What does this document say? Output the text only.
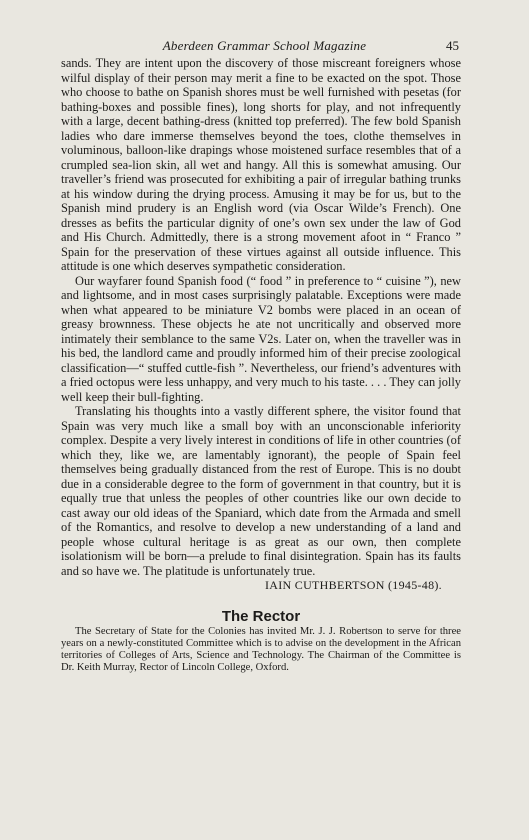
Aberdeen Grammar School Magazine	45

sands. They are intent upon the discovery of those miscreant foreigners whose wilful display of their person may merit a fine to be exacted on the spot. Those who choose to bathe on Spanish shores must be well furnished with pesetas (for bathing-boxes and possible fines), long shorts for play, and not infrequently with a large, decent bathing-dress (knitted top preferred). The few bold Spanish ladies who dare immerse themselves beyond the toes, clothe themselves in voluminous, balloon-like drapings whose moistened surface resembles that of a crumpled sea-lion skin, all wet and hangy. All this is somewhat amusing. Our traveller’s friend was prosecuted for exhibiting a pair of irregular bathing trunks at his window during the drying process. Amusing it may be for us, but to the Spanish mind prudery is an English word (via Oscar Wilde’s French). One dresses as befits the particular dignity of one’s own sex under the law of God and His Church. Admittedly, there is a strong movement afoot in “ Franco ” Spain for the preservation of these virtues against all outside influence. This attitude is one which deserves sympathetic consideration.

Our wayfarer found Spanish food (“ food ” in preference to “ cuisine ”), new and lightsome, and in most cases surprisingly palatable. Exceptions were made when what appeared to be miniature V2 bombs were placed in an ocean of greasy brownness. These objects he ate not uncritically and observed more intimately their semblance to the same V2s. Later on, when the traveller was in his bed, the landlord came and proudly informed him of their precise zoological classification—“ stuffed cuttle-fish ”. Nevertheless, our friend’s adventures with a fried octopus were less unhappy, and very much to his taste. . . . They can jolly well keep their bull-fighting.

Translating his thoughts into a vastly different sphere, the visitor found that Spain was very much like a small boy with an unconscionable inferiority complex. Despite a very lively interest in conditions of life in other countries (of which they, like we, are lamentably ignorant), the people of Spain feel themselves being gradually distanced from the rest of Europe. This is no doubt due in a considerable degree to the form of government in that country, but it is equally true that unless the peoples of other countries like our own decide to cast away our old ideas of the Spaniard, which date from the Armada and smell of the Romantics, and resolve to develop a new understanding of a land and people whose cultural heritage is as great as our own, then complete isolationism will be born—a prelude to final disintegration. Spain has its faults and so have we. The platitude is unfortunately true.

IAIN CUTHBERTSON (1945-48).

The Rector

The Secretary of State for the Colonies has invited Mr. J. J. Robertson to serve for three years on a newly-constituted Committee which is to advise on the development in the African territories of Colleges of Arts, Science and Technology. The Chairman of the Committee is Dr. Keith Murray, Rector of Lincoln College, Oxford.
